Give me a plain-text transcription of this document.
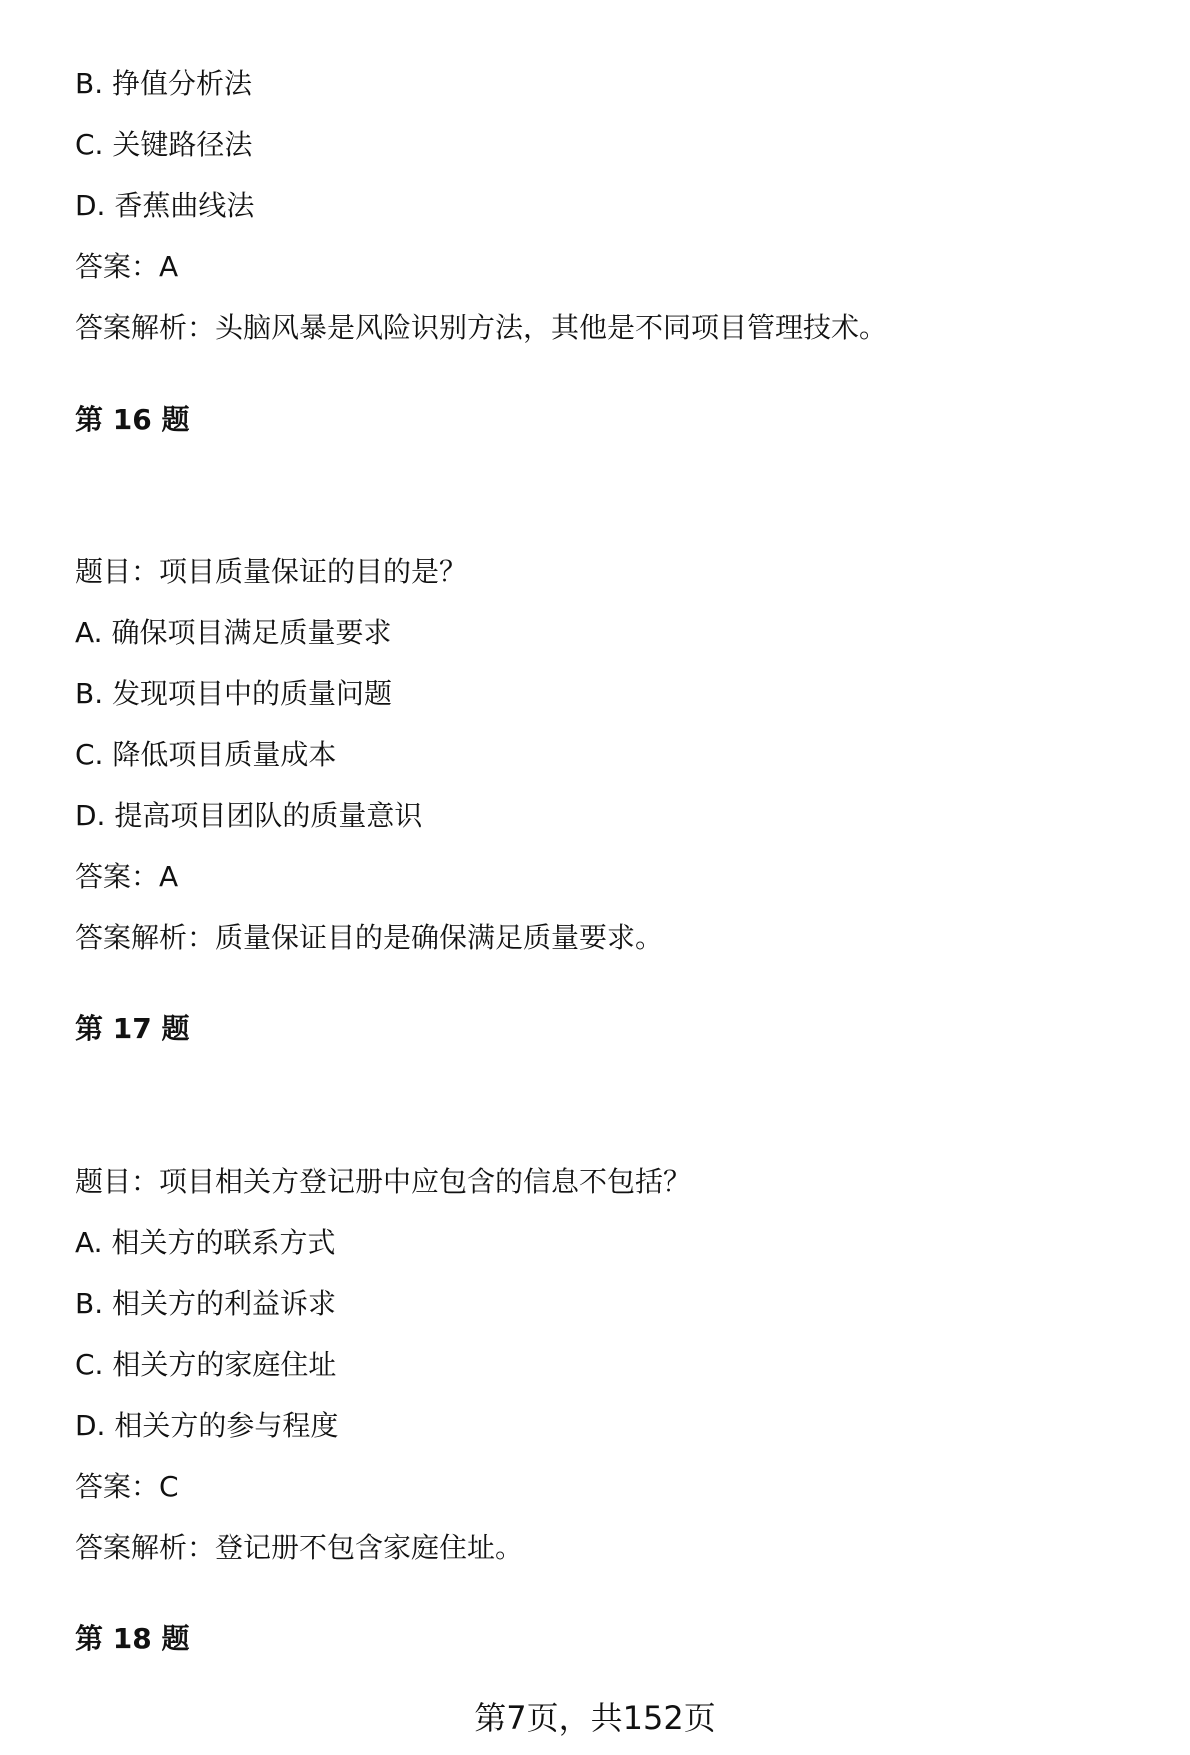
B. 挣值分析法
C. 关键路径法
D. 香蕉曲线法
答案：A
答案解析：头脑风暴是风险识别方法，其他是不同项目管理技术。
第 16 题
题目：项目质量保证的目的是？
A. 确保项目满足质量要求
B. 发现项目中的质量问题
C. 降低项目质量成本
D. 提高项目团队的质量意识
答案：A
答案解析：质量保证目的是确保满足质量要求。
第 17 题
题目：项目相关方登记册中应包含的信息不包括？
A. 相关方的联系方式
B. 相关方的利益诉求
C. 相关方的家庭住址
D. 相关方的参与程度
答案：C
答案解析：登记册不包含家庭住址。
第 18 题
第7页，共152页
